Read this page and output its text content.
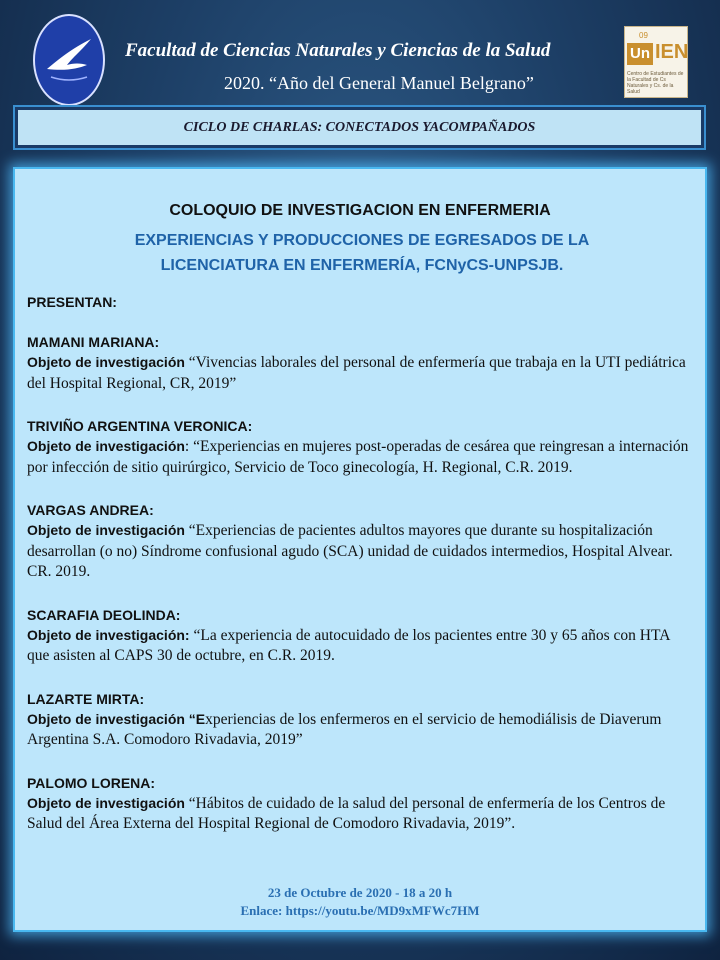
09
Un IEN
Centro de Estudiantes de la Facultad de Cs Naturales y Cs. de la Salud
Facultad de Ciencias Naturales y Ciencias de la Salud
2020. “Año del General Manuel Belgrano”
CICLO DE CHARLAS: CONECTADOS YACOMPAÑADOS
COLOQUIO DE INVESTIGACION EN ENFERMERIA
EXPERIENCIAS Y PRODUCCIONES DE EGRESADOS DE LA
LICENCIATURA EN ENFERMERÍA, FCNyCS-UNPSJB.
PRESENTAN:
MAMANI MARIANA:
Objeto de investigación “Vivencias laborales del personal de enfermería que trabaja en la UTI pediátrica del Hospital Regional, CR, 2019”
TRIVIÑO ARGENTINA VERONICA:
Objeto de investigación: “Experiencias en mujeres post-operadas de cesárea que reingresan a internación por infección de sitio quirúrgico, Servicio de Toco ginecología, H. Regional, C.R. 2019.
VARGAS ANDREA:
Objeto de investigación “Experiencias de pacientes adultos mayores que durante su hospitalización desarrollan (o no) Síndrome confusional agudo (SCA) unidad de cuidados intermedios, Hospital Alvear. CR. 2019.
SCARAFIA DEOLINDA:
Objeto de investigación: “La experiencia de autocuidado de los pacientes entre 30 y 65 años con HTA que asisten al CAPS 30 de octubre, en C.R. 2019.
LAZARTE MIRTA:
Objeto de investigación “Experiencias de los enfermeros en el servicio de hemodiálisis de Diaverum Argentina S.A. Comodoro Rivadavia, 2019”
PALOMO LORENA:
Objeto de investigación “Hábitos de cuidado de la salud del personal de enfermería de los Centros de Salud del Área Externa del Hospital Regional de Comodoro Rivadavia, 2019”.
23 de Octubre de 2020 - 18 a 20 h
Enlace: https://youtu.be/MD9xMFWc7HM
